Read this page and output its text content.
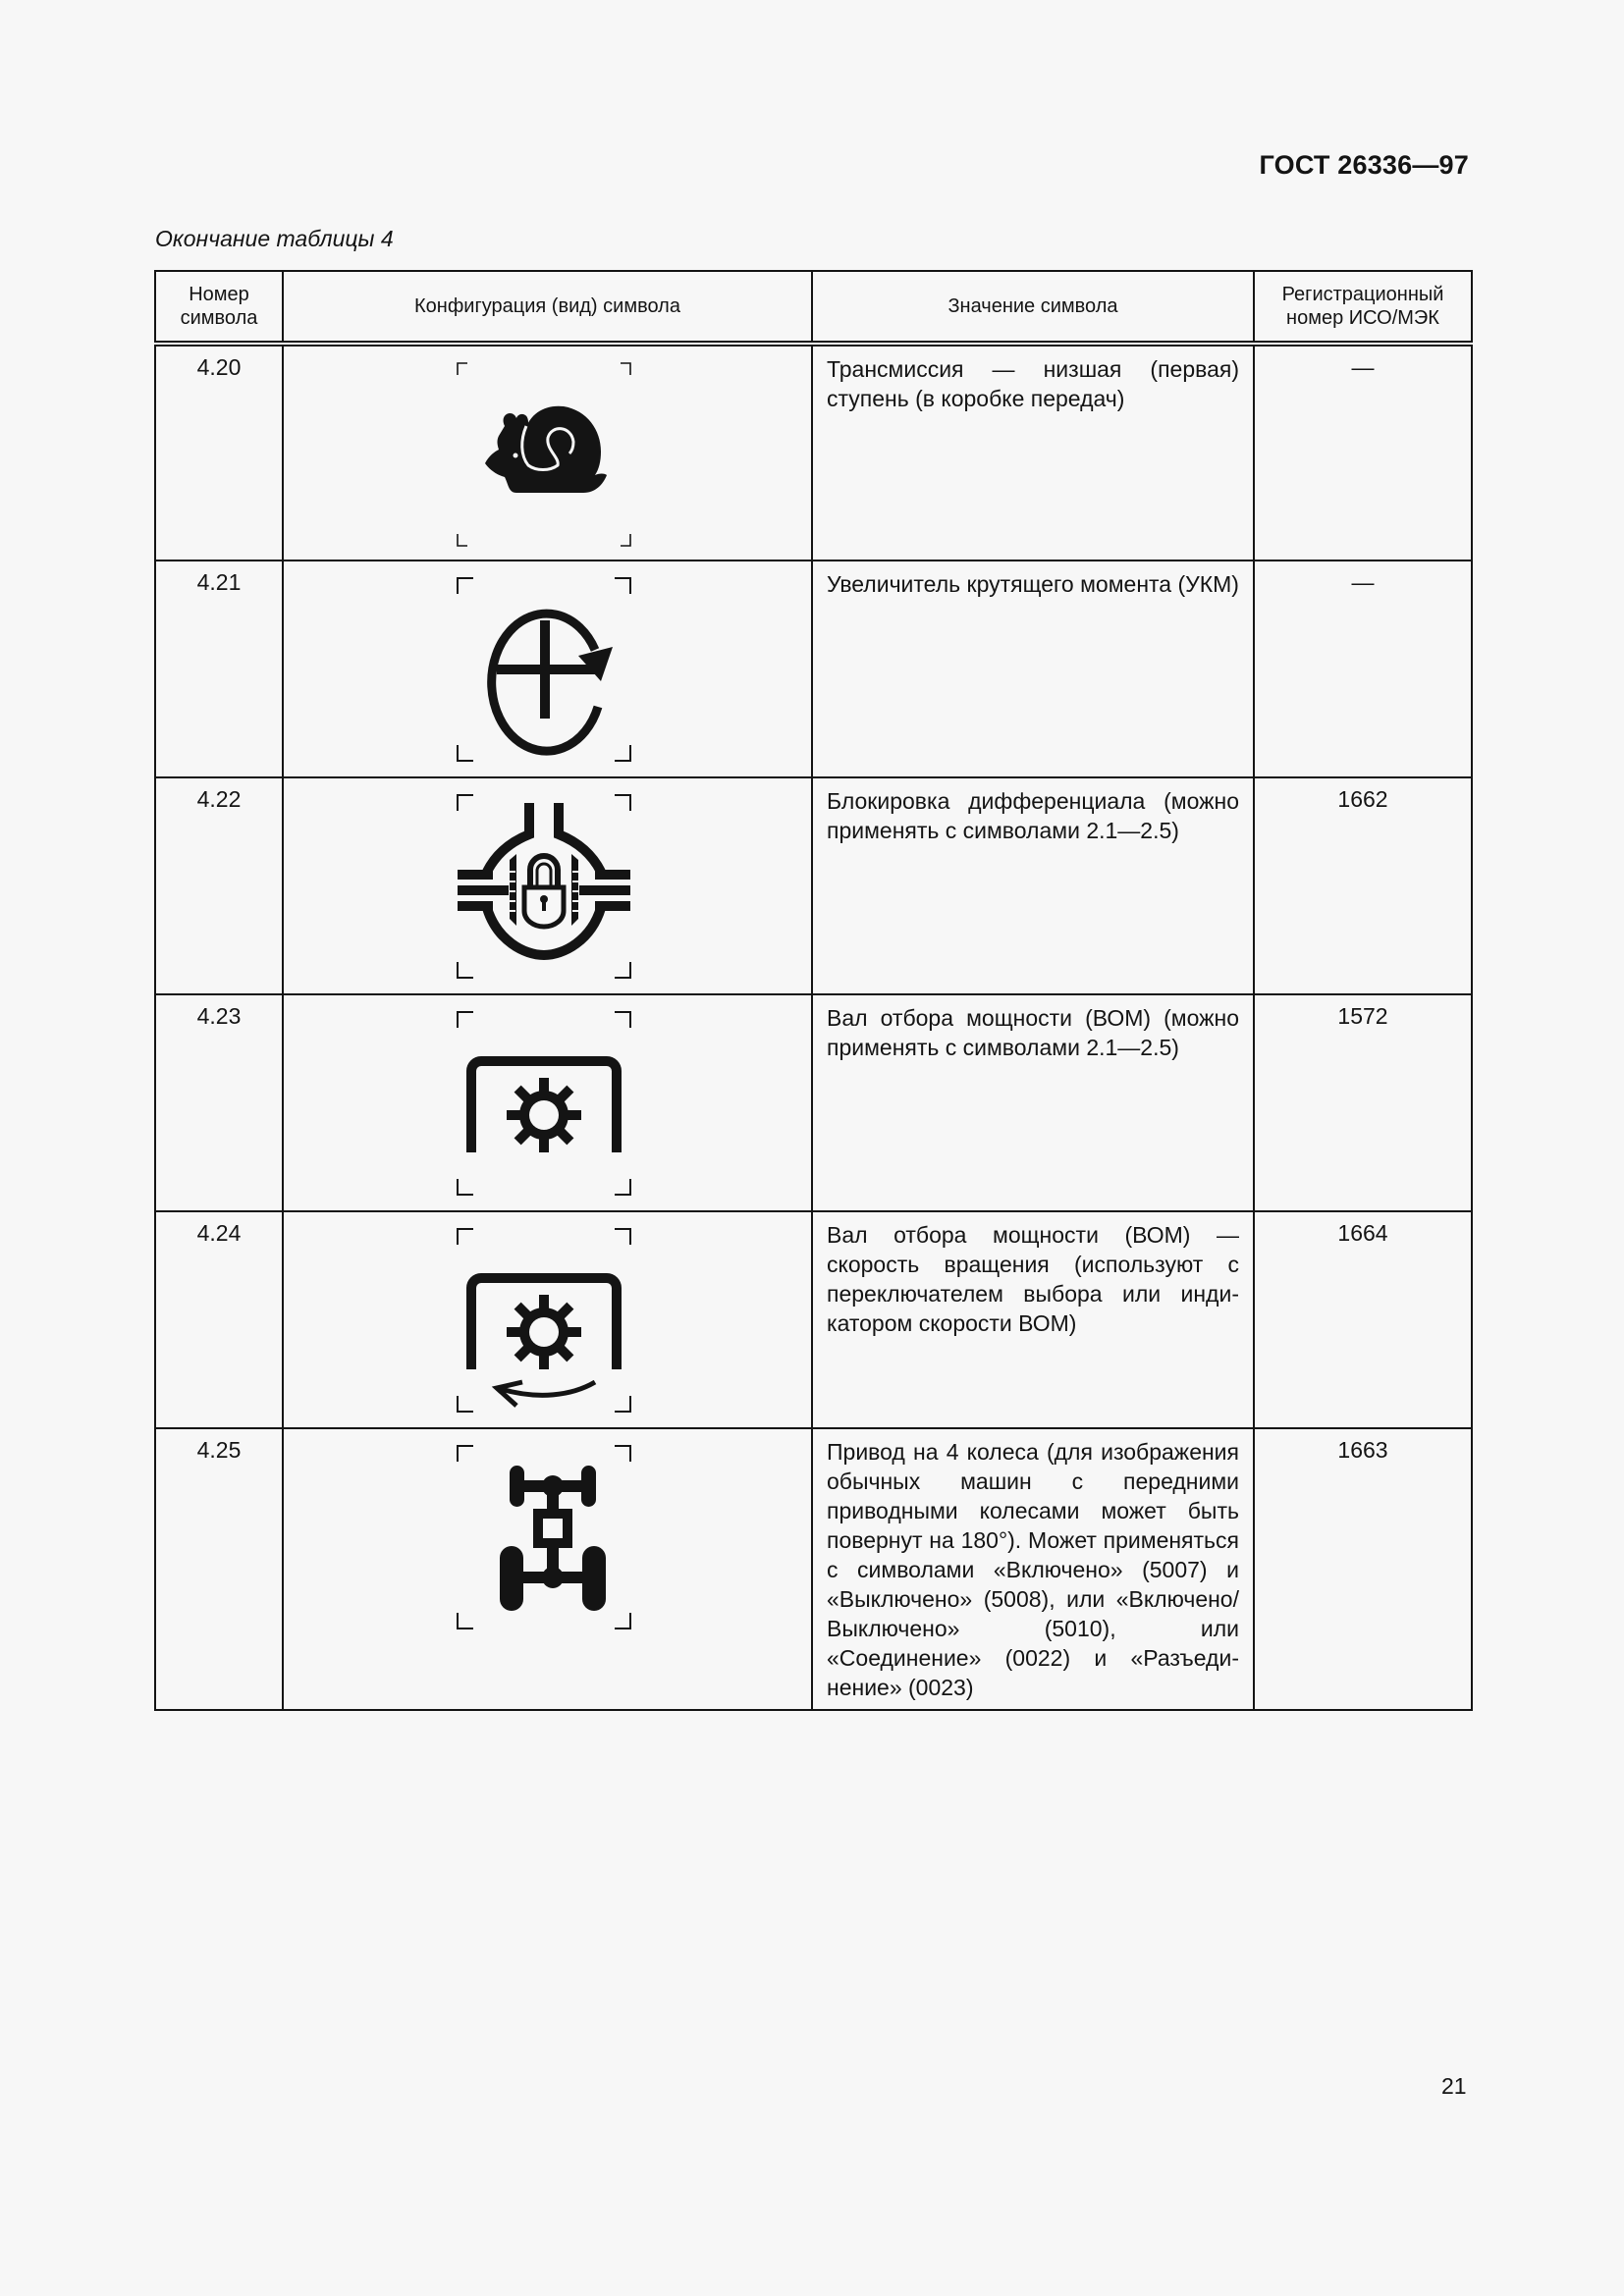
ГОСТ 26336—97
Окончание таблицы 4
Номер символа	Конфигурация (вид) символа	Значение символа	Регистрационный номер ИСО/МЭК
4.20		Трансмиссия — низшая (первая) ступень (в коробке передач)	—
4.21		Увеличитель крутящего момента (УКМ)	—
4.22		Блокировка дифференциала (можно применять с символами 2.1—2.5)	1662
4.23		Вал отбора мощности (ВОМ) (можно применять с символами 2.1—2.5)	1572
4.24		Вал отбора мощности (ВОМ) — скорость вращения (используют с переключателем выбора или индикатором скорости ВОМ)	1664
4.25		Привод на 4 колеса (для изображения обычных машин с передними приводными колесами может быть повернут на 180°). Может применяться с символами «Включено» (5007) и «Выключено» (5008), или «Включено/Выключено» (5010), или «Соединение» (0022) и «Разъединение» (0023)	1663
21
